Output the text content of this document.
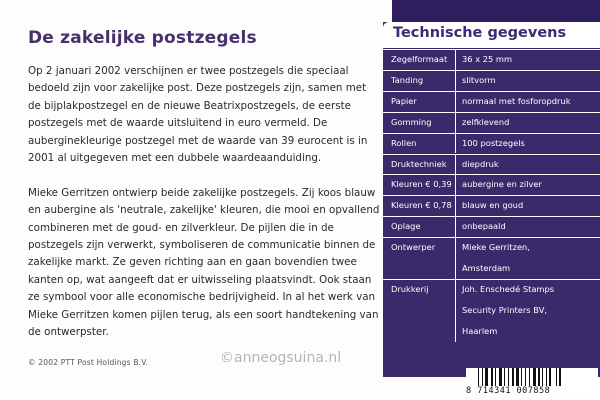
De zakelijke postzegels

Op 2 januari 2002 verschijnen er twee postzegels die speciaal bedoeld zijn voor zakelijke post. Deze postzegels zijn, samen met de bijplakpostzegel en de nieuwe Beatrixpostzegels, de eerste postzegels met de waarde uitsluitend in euro vermeld. De auberginekleurige postzegel met de waarde van 39 eurocent is in 2001 al uitgegeven met een dubbele waardeaanduiding.

Mieke Gerritzen ontwierp beide zakelijke postzegels. Zij koos blauw en aubergine als 'neutrale, zakelijke' kleuren, die mooi en opvallend combineren met de goud- en zilverkleur. De pijlen die in de postzegels zijn verwerkt, symboliseren de communicatie binnen de zakelijke markt. Ze geven richting aan en gaan bovendien twee kanten op, wat aangeeft dat er uitwisseling plaatsvindt. Ook staan ze symbool voor alle economische bedrijvigheid. In al het werk van Mieke Gerritzen komen pijlen terug, als een soort handtekening van de ontwerpster.

© 2002 PTT Post Holdings B.V.	©anneogsuina.nl
Technische gegevens
Zegelformaat 36 x 25 mm
Tanding	slitvorm
Papier	normaal met fosforopdruk
Gomming	zelfklevend
Rollen	100 postzegels
Druktechniek diepdruk
Kleuren € 0,39 aubergine en zilver
Kleuren € 0,78 blauw en goud
Oplage	onbepaald
Ontwerper	Mieke Gerritzen,
Amsterdam
Drukkerij	Joh. Enschedé Stamps
Security Printers BV,
Haarlem
8 714341 007858
